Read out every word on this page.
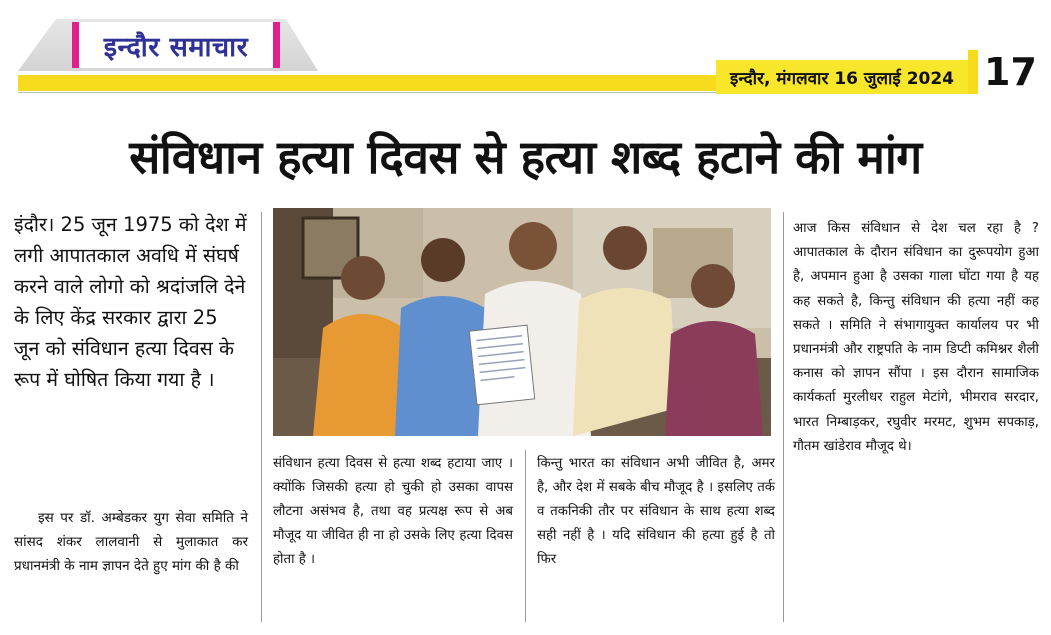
इन्दौर समाचार
इन्दौर, मंगलवार 16 जुलाई 2024 17
संविधान हत्या दिवस से हत्या शब्द हटाने की मांग

इंदौर। 25 जून 1975 को देश में लगी आपातकाल अवधि में संघर्ष करने वाले लोगो को श्रदांजलि देने के लिए केंद्र सरकार द्वारा 25 जून को संविधान हत्या दिवस के रूप में घोषित किया गया है ।

इस पर डॉ. अम्बेडकर युग सेवा समिति ने सांसद शंकर लालवानी से मुलाकात कर प्रधानमंत्री के नाम ज्ञापन देते हुए मांग की है की

संविधान हत्या दिवस से हत्या शब्द हटाया जाए । क्योंकि जिसकी हत्या हो चुकी हो उसका वापस लौटना असंभव है, तथा वह प्रत्यक्ष रूप से अब मौजूद या जीवित ही ना हो उसके लिए हत्या दिवस होता है ।

किन्तु भारत का संविधान अभी जीवित है, अमर है, और देश में सबके बीच मौजूद है । इसलिए तर्क व तकनिकी तौर पर संविधान के साथ हत्या शब्द सही नहीं है । यदि संविधान की हत्या हुई है तो फिर

आज किस संविधान से देश चल रहा है ? आपातकाल के दौरान संविधान का दुरूपयोग हुआ है, अपमान हुआ है उसका गाला घोंटा गया है यह कह सकते है, किन्तु संविधान की हत्या नहीं कह सकते । समिति ने संभागायुक्त कार्यालय पर भी प्रधानमंत्री और राष्ट्रपति के नाम डिप्टी कमिश्नर शैली कनास को ज्ञापन सौंपा । इस दौरान सामाजिक कार्यकर्ता मुरलीधर राहुल मेटांगे, भीमराव सरदार, भारत निम्बाड़कर, रघुवीर मरमट, शुभम सपकाड़, गौतम खांडेराव मौजूद थे।
